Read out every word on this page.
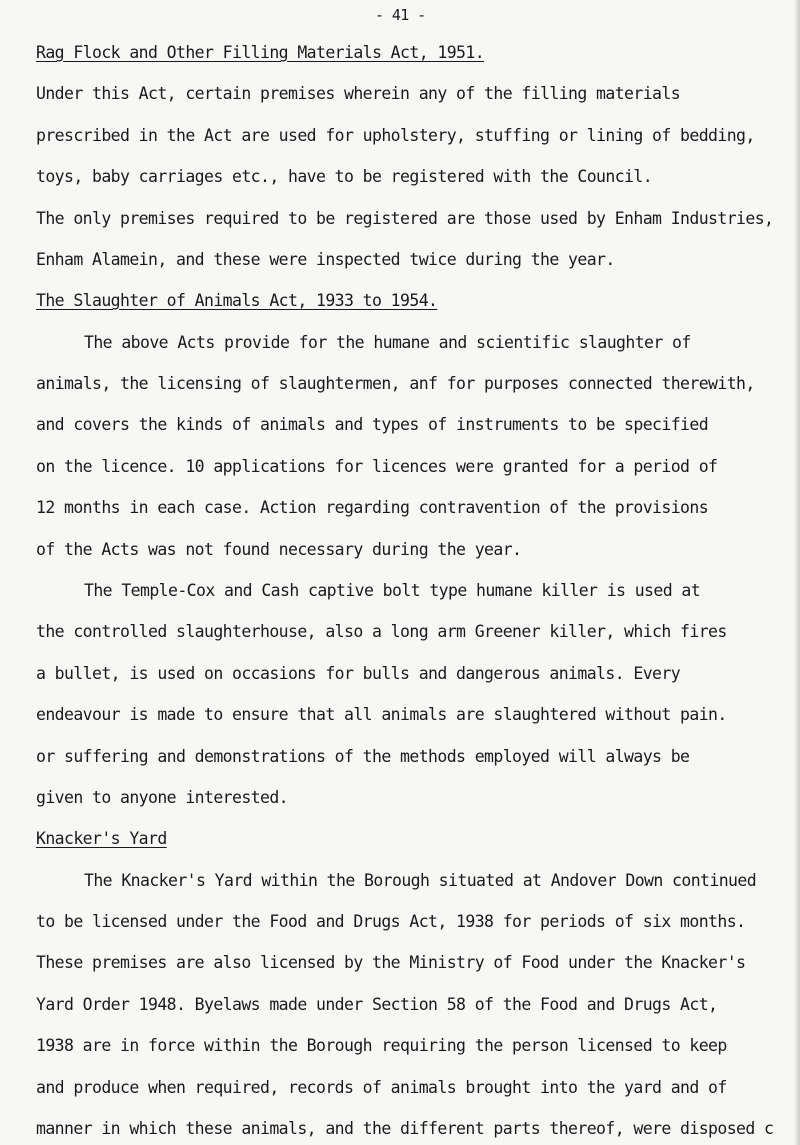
- 41 -
Rag Flock and Other Filling Materials Act, 1951.
Under this Act, certain premises wherein any of the filling materials
prescribed in the Act are used for upholstery, stuffing or lining of bedding,
toys, baby carriages etc., have to be registered with the Council.
The only premises required to be registered are those used by Enham Industries,
Enham Alamein, and these were inspected twice during the year.
The Slaughter of Animals Act, 1933 to 1954.
The above Acts provide for the humane and scientific slaughter of
animals, the licensing of slaughtermen, anf for purposes connected therewith,
and covers the kinds of animals and types of instruments to be specified
on the licence. 10 applications for licences were granted for a period of
12 months in each case. Action regarding contravention of the provisions
of the Acts was not found necessary during the year.
The Temple-Cox and Cash captive bolt type humane killer is used at
the controlled slaughterhouse, also a long arm Greener killer, which fires
a bullet, is used on occasions for bulls and dangerous animals. Every
endeavour is made to ensure that all animals are slaughtered without pain.
or suffering and demonstrations of the methods employed will always be
given to anyone interested.
Knacker's Yard
The Knacker's Yard within the Borough situated at Andover Down continued
to be licensed under the Food and Drugs Act, 1938 for periods of six months.
These premises are also licensed by the Ministry of Food under the Knacker's
Yard Order 1948. Byelaws made under Section 58 of the Food and Drugs Act,
1938 are in force within the Borough requiring the person licensed to keep
and produce when required, records of animals brought into the yard and of
manner in which these animals, and the different parts thereof, were disposed c
